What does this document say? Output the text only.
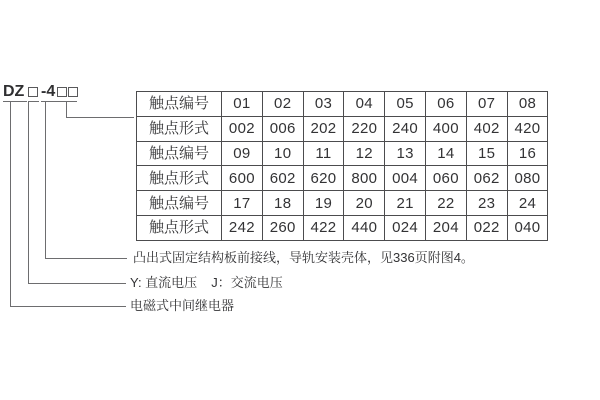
DZ -4
触点编号	01	02	03	04	05	06	07	08
触点形式	002	006	202	220	240	400	402	420
触点编号	09	10	11	12	13	14	15	16
触点形式	600	602	620	800	004	060	062	080
触点编号	17	18	19	20	21	22	23	24
触点形式	242	260	422	440	024	204	022	040
凸出式固定结构板前接线，导轨安装壳体，见336页附图4。
Y: 直流电压 J：交流电压
电磁式中间继电器
